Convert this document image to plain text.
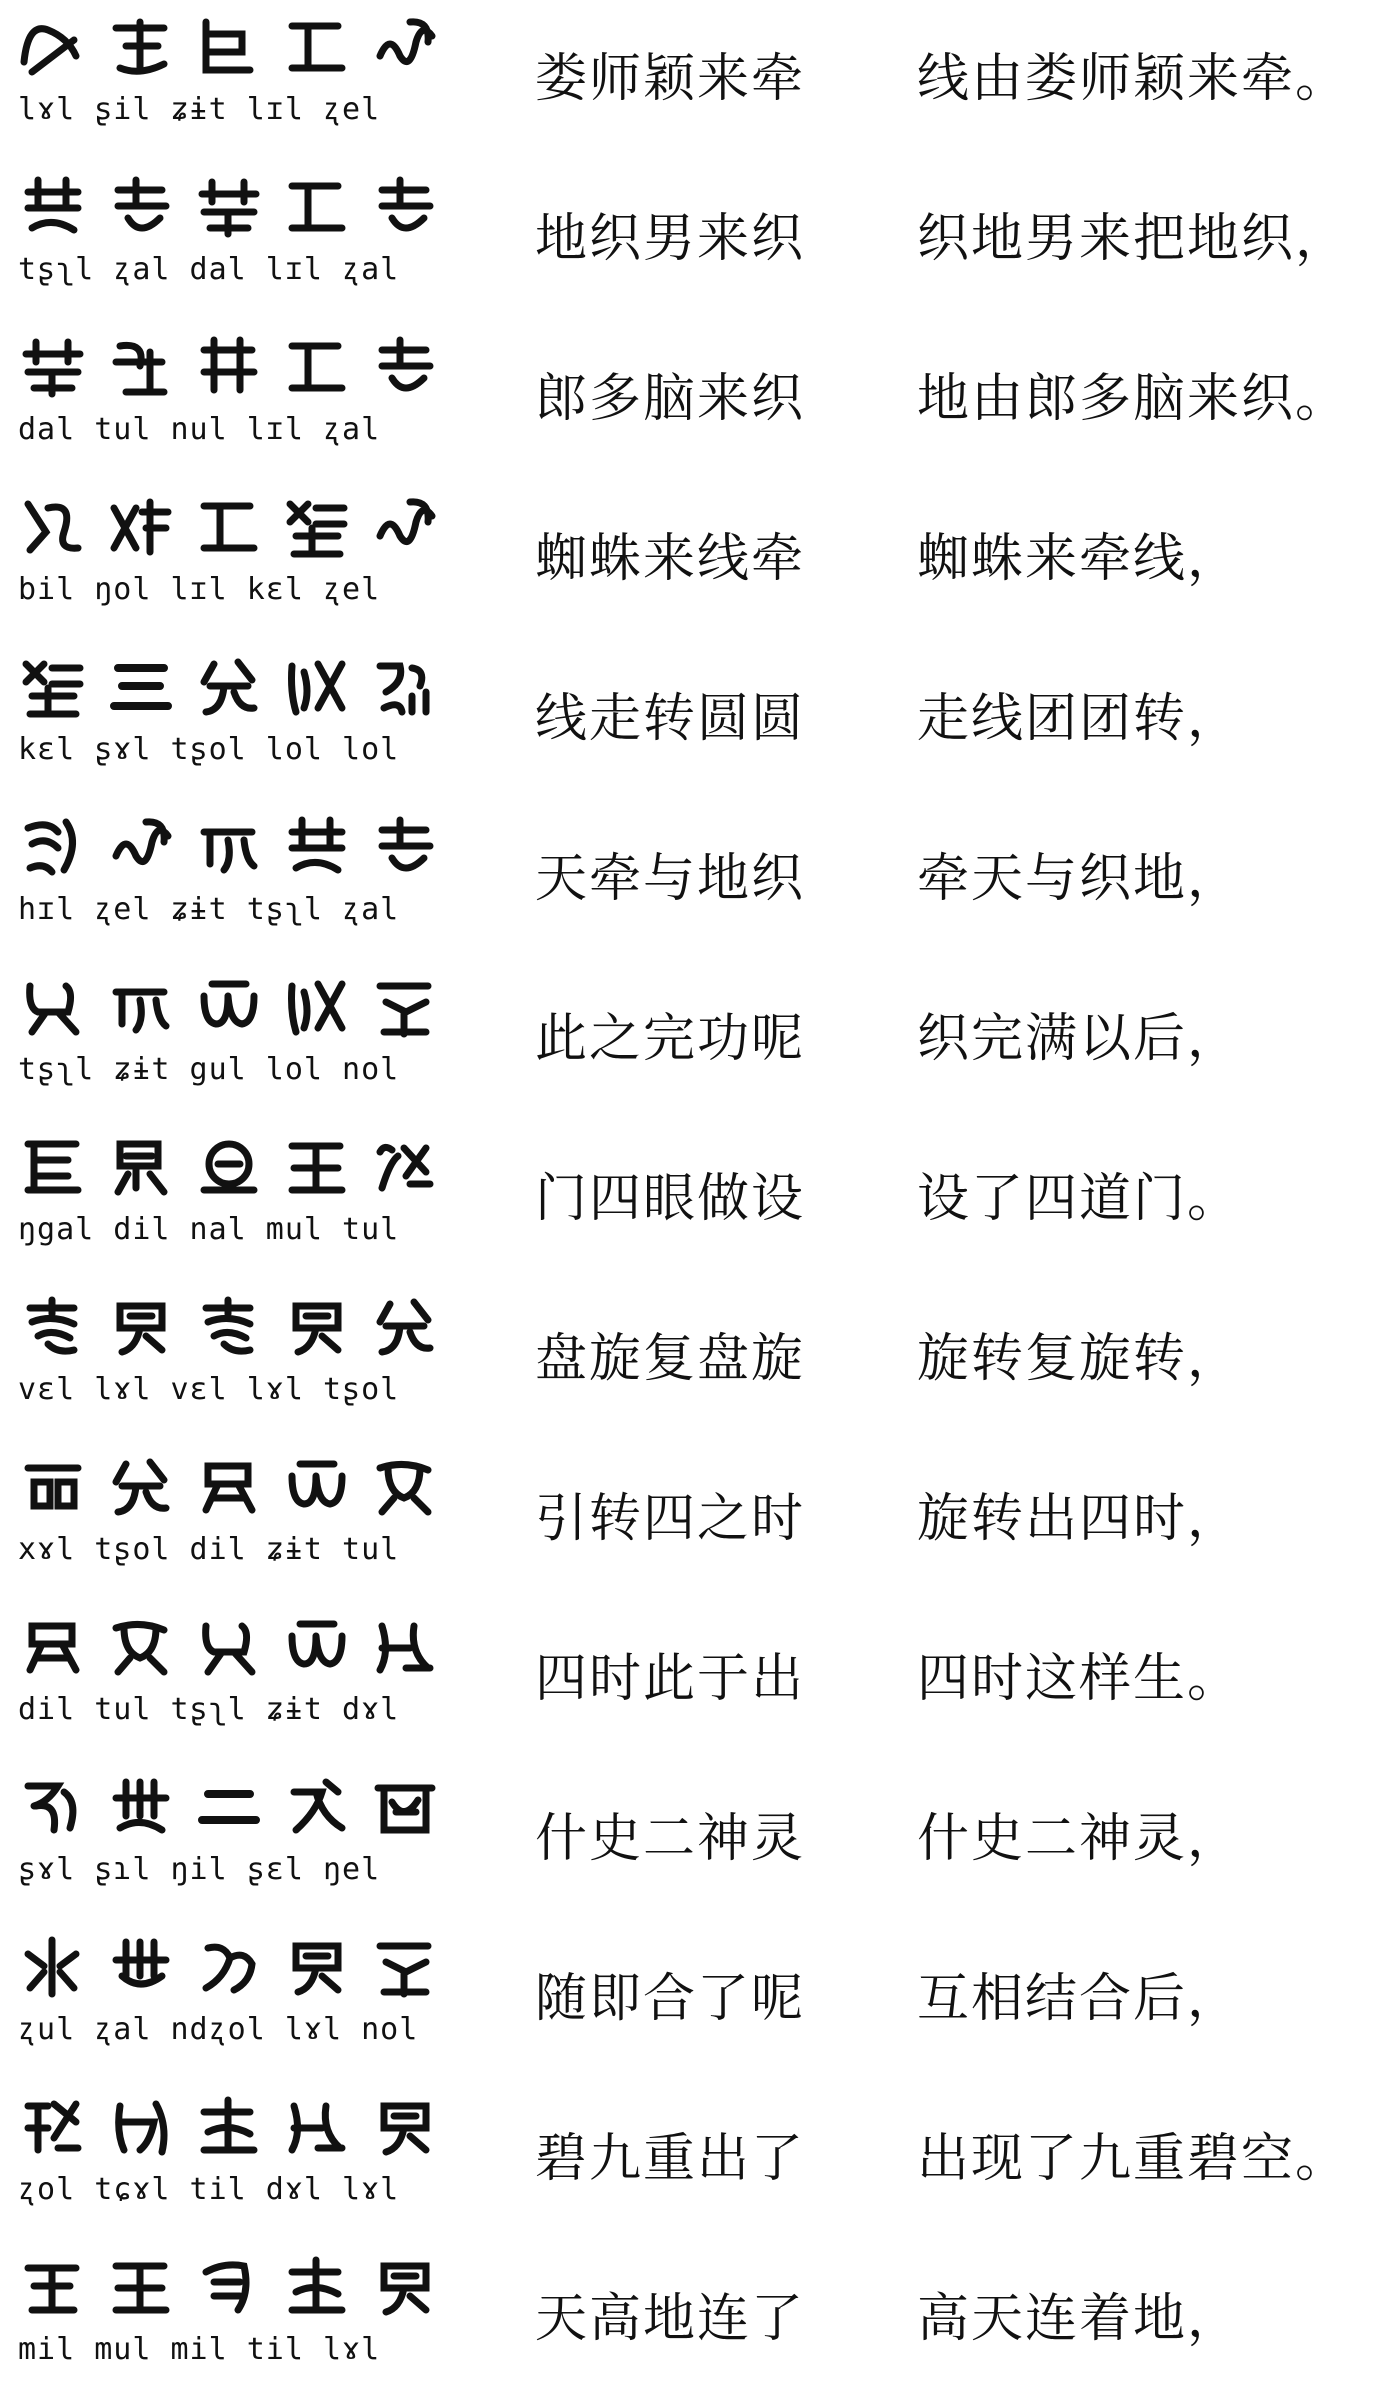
lɤl ʂil ʑɨt lɪl ʐel
娄师颖来牵 线由娄师颖来牵。
tʂʅl ʐal dal lɪl ʐal
地织男来织 织地男来把地织，
dal tul nul lɪl ʐal
郎多脑来织 地由郎多脑来织。
bil ŋol lɪl kɛl ʐel
蜘蛛来线牵 蜘蛛来牵线，
kɛl ʂɤl tʂol lol lol
线走转圆圆 走线团团转，
hɪl ʐel ʑɨt tʂʅl ʐal
天牵与地织 牵天与织地，
tʂʅl ʑɨt gul lol nol
此之完功呢 织完满以后，
ŋgal dil nal mul tul
门四眼做设 设了四道门。
vɛl lɤl vɛl lɤl tʂol
盘旋复盘旋 旋转复旋转，
xɤl tʂol dil ʑɨt tul
引转四之时 旋转出四时，
dil tul tʂʅl ʑɨt dɤl
四时此于出 四时这样生。
ʂɤl ʂɿl ŋil ʂɛl ŋel
什史二神灵 什史二神灵，
ʐul ʐal ndʐol lɤl nol
随即合了呢 互相结合后，
ʐol tɕɤl til dɤl lɤl
碧九重出了 出现了九重碧空。
mil mul mil til lɤl
天高地连了 高天连着地，
